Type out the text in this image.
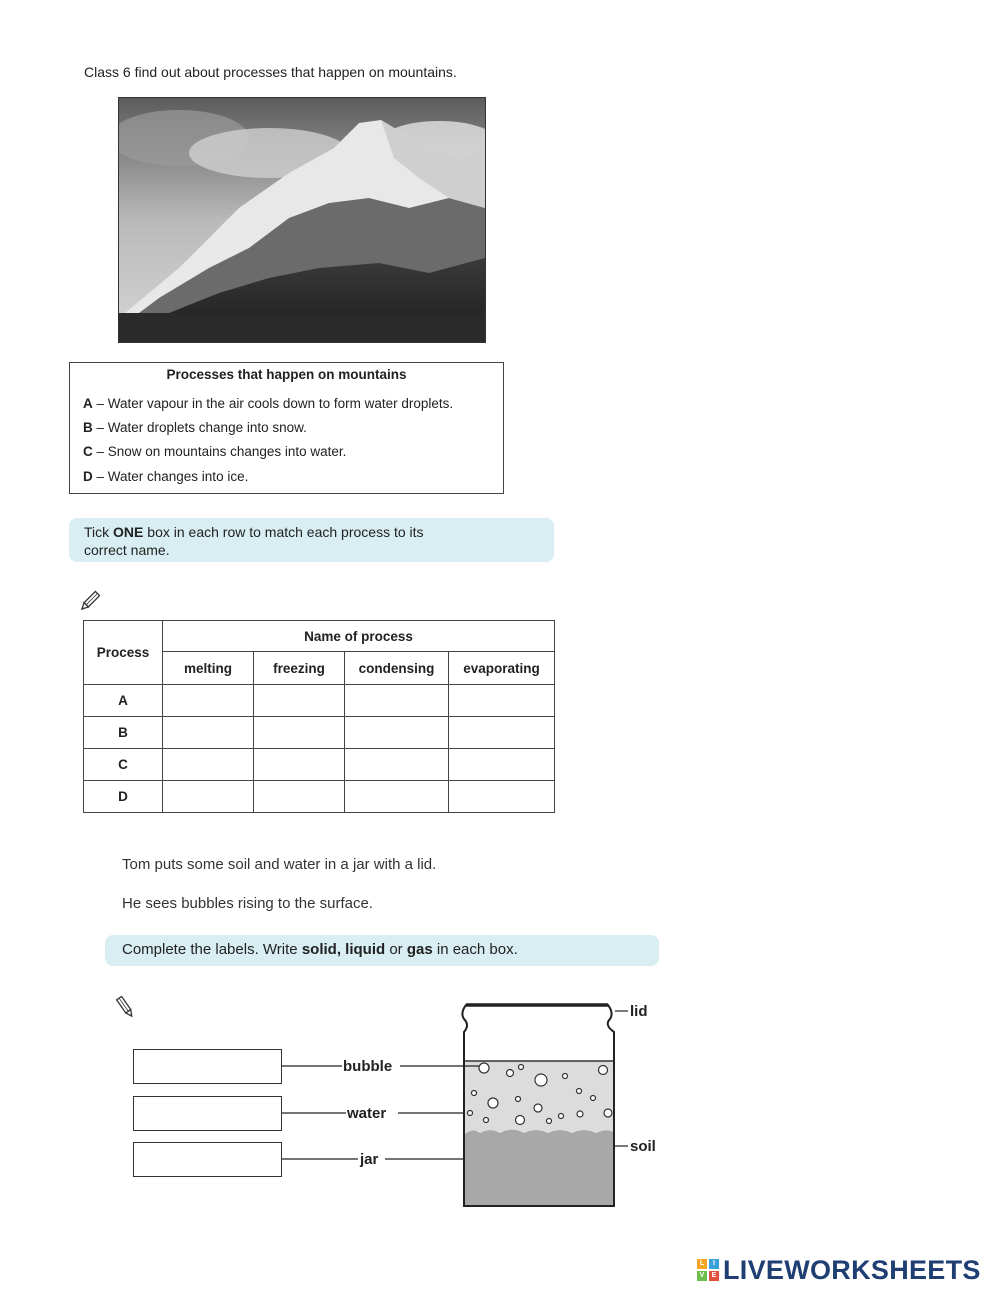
Class 6 find out about processes that happen on mountains.
Processes that happen on mountains
A – Water vapour in the air cools down to form water droplets.
B – Water droplets change into snow.
C – Snow on mountains changes into water.
D – Water changes into ice.
Tick ONE box in each row to match each process to its
correct name.
Process	Name of process			
	melting	freezing	condensing	evaporating
A				
B				
C				
D				
Tom puts some soil and water in a jar with a lid.
He sees bubbles rising to the surface.
Complete the labels. Write solid, liquid or gas in each box.
bubble
water
jar
lid
soil
L	I
V	E LIVEWORKSHEETS
